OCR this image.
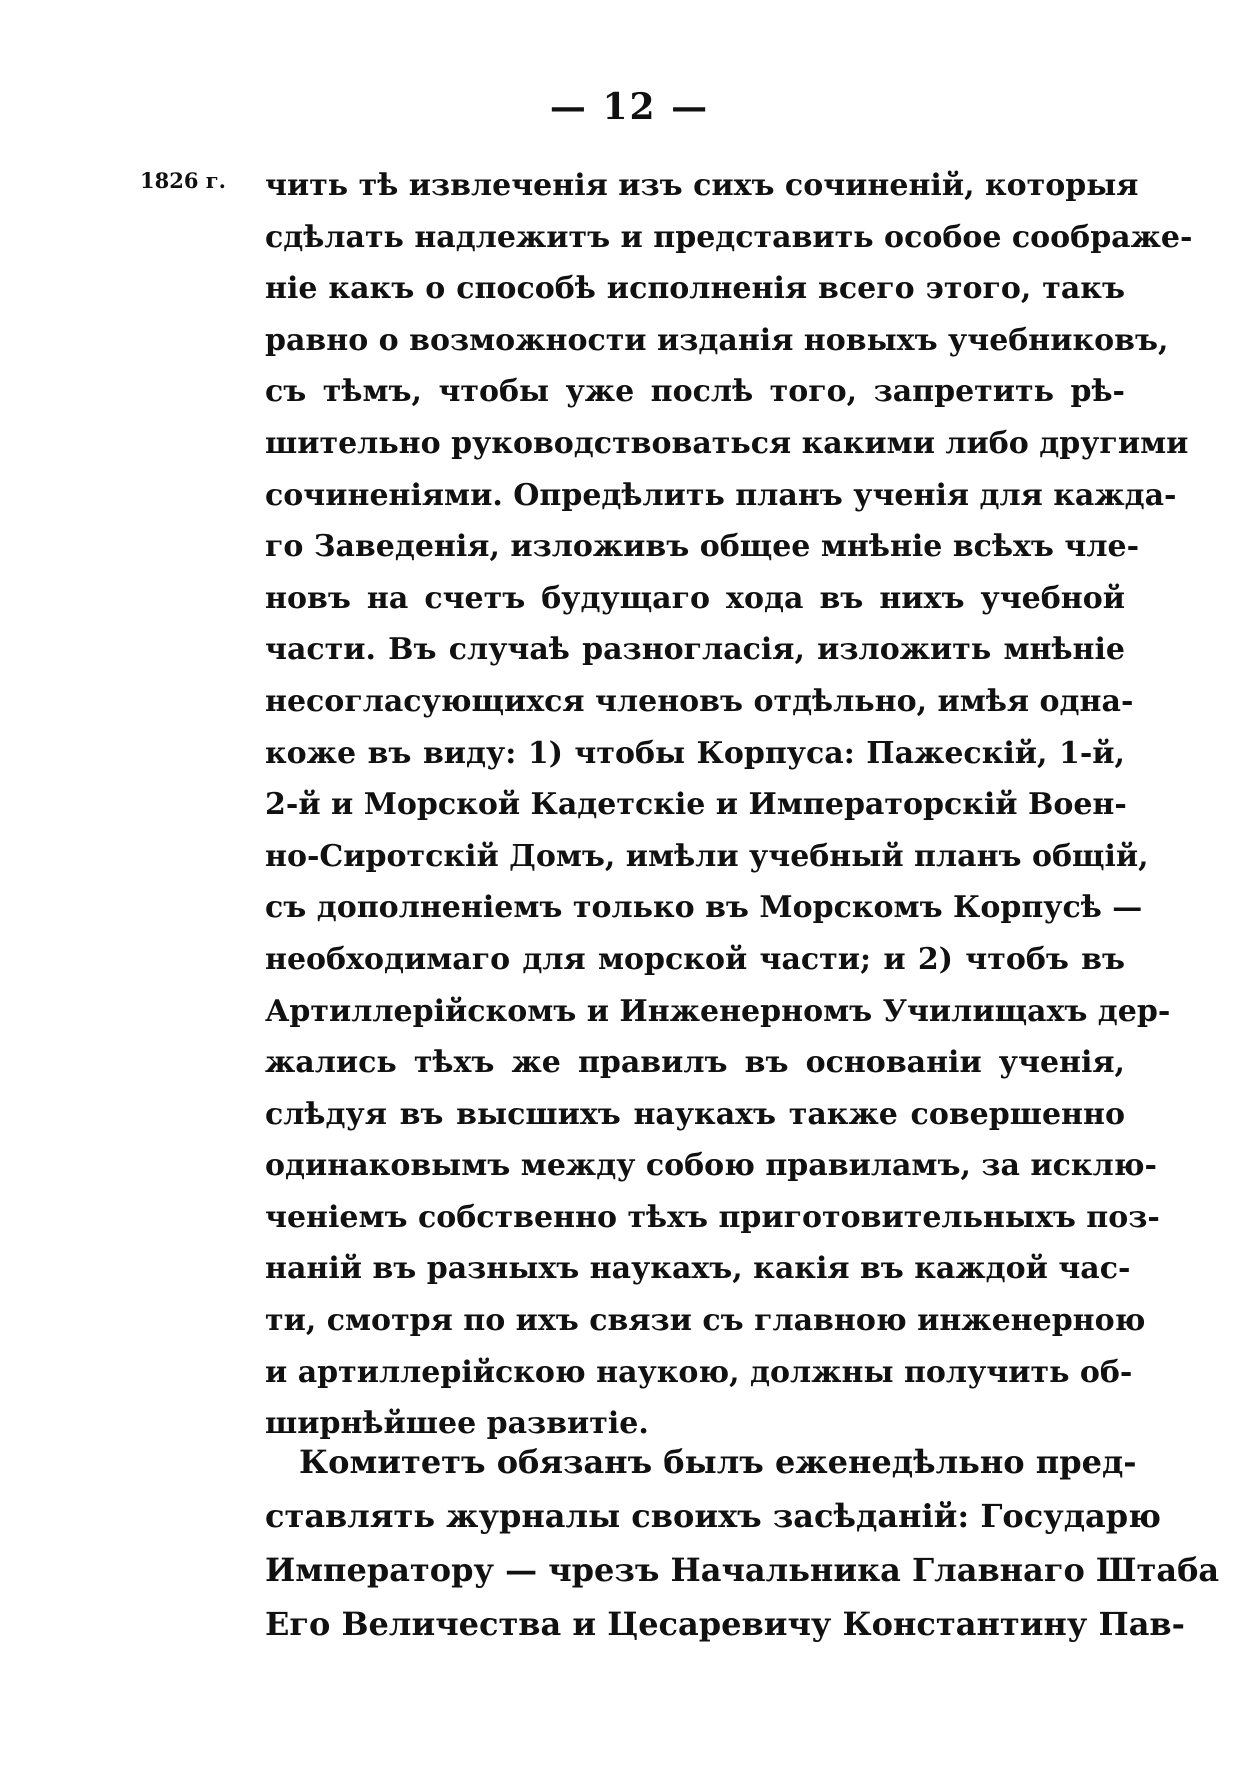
— 12 —
1826 г. чить тѣ извлеченія изъ сихъ сочиненій, которыя
сдѣлать надлежитъ и представить особое соображе-
ніе какъ о способѣ исполненія всего этого, такъ
равно о возможности изданія новыхъ учебниковъ,
съ тѣмъ, чтобы уже послѣ того, запретить рѣ-
шительно руководствоваться какими либо другими
сочиненіями. Опредѣлить планъ ученія для кажда-
го Заведенія, изложивъ общее мнѣніе всѣхъ чле-
новъ на счетъ будущаго хода въ нихъ учебной
части. Въ случаѣ разногласія, изложить мнѣніе
несогласующихся членовъ отдѣльно, имѣя одна-
коже въ виду: 1) чтобы Корпуса: Пажескій, 1-й,
2-й и Морской Кадетскіе и Императорскій Воен-
но-Сиротскій Домъ, имѣли учебный планъ общій,
съ дополненіемъ только въ Морскомъ Корпусѣ —
необходимаго для морской части; и 2) чтобъ въ
Артиллерійскомъ и Инженерномъ Училищахъ дер-
жались тѣхъ же правилъ въ основаніи ученія,
слѣдуя въ высшихъ наукахъ также совершенно
одинаковымъ между собою правиламъ, за исклю-
ченіемъ собственно тѣхъ приготовительныхъ поз-
наній въ разныхъ наукахъ, какія въ каждой час-
ти, смотря по ихъ связи съ главною инженерною
и артиллерійскою наукою, должны получить об-
ширнѣйшее развитіе.
Комитетъ обязанъ былъ еженедѣльно пред-
ставлять журналы своихъ засѣданій: Государю
Императору — чрезъ Начальника Главнаго Штаба
Его Величества и Цесаревичу Константину Пав-
